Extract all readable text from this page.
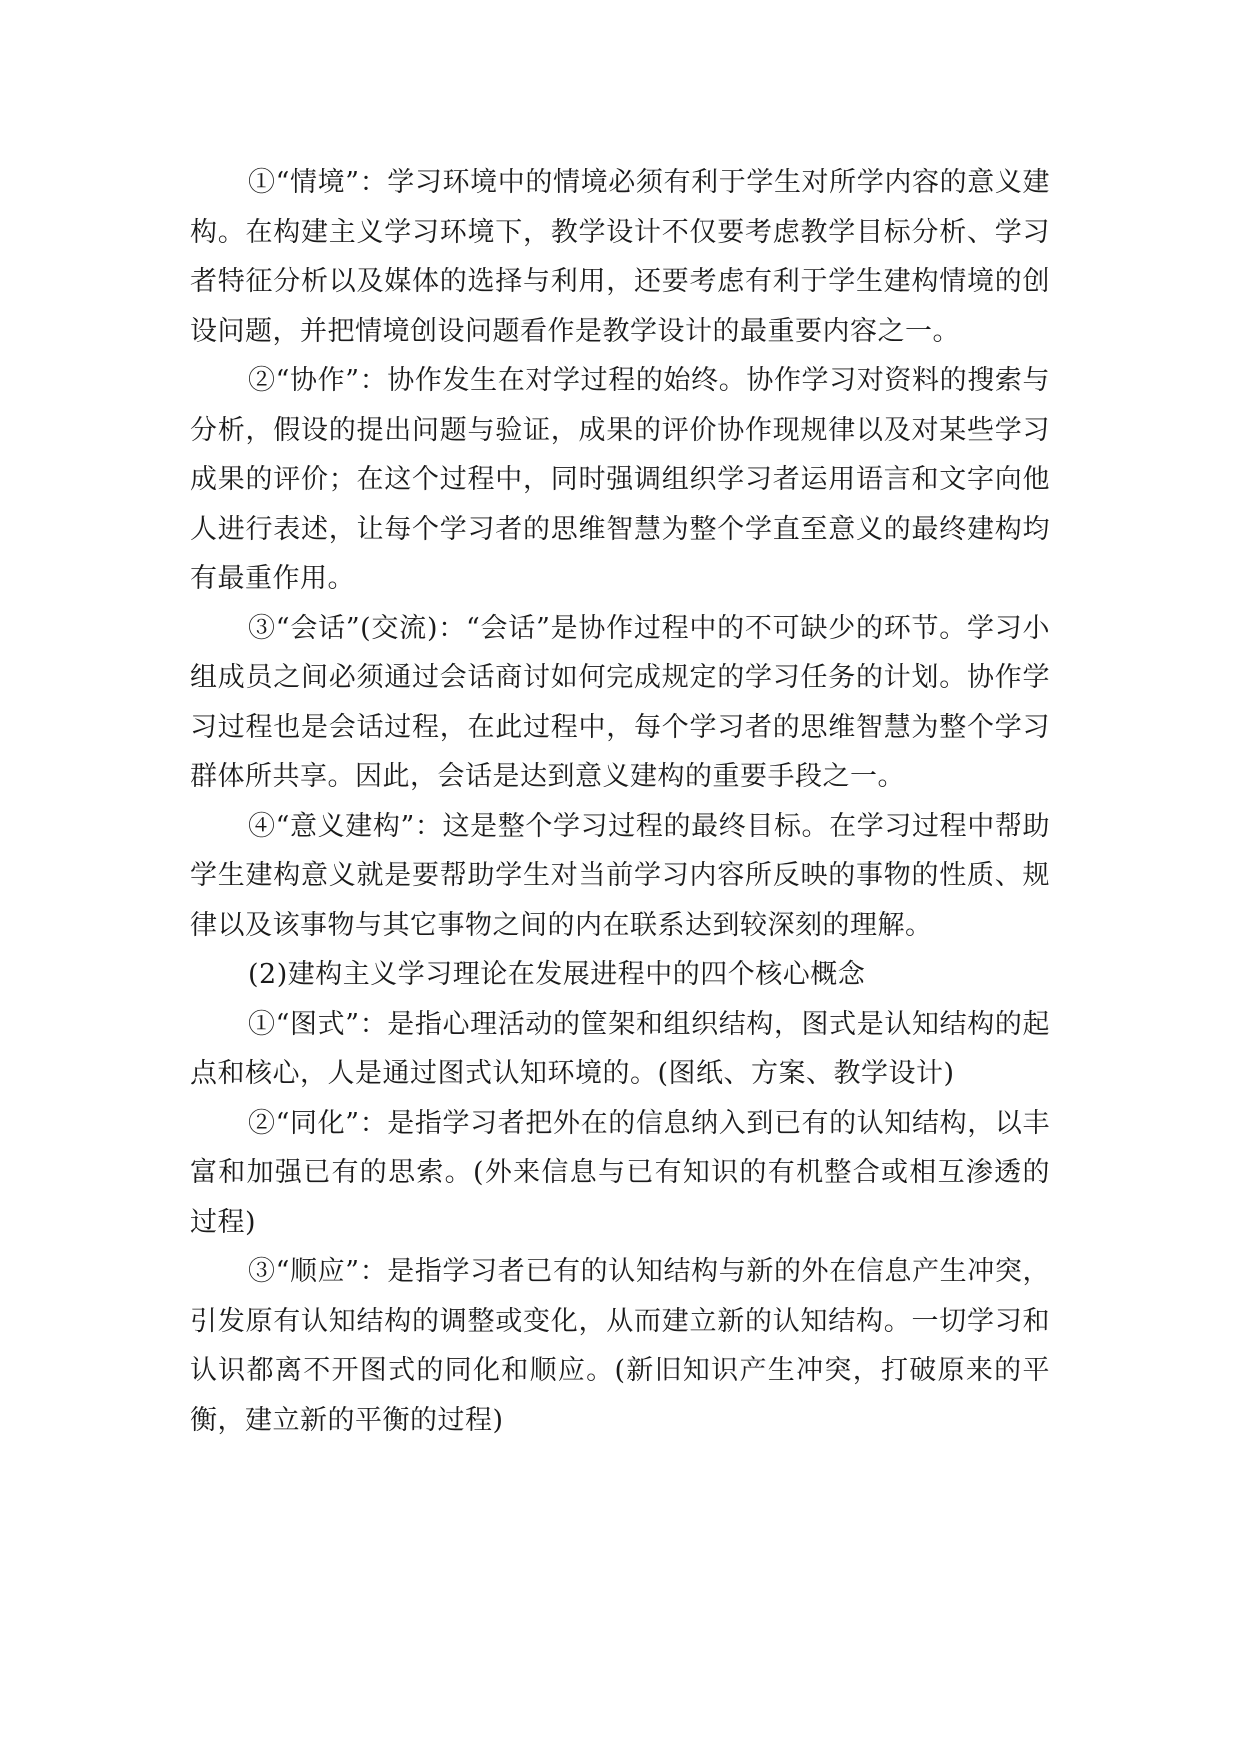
①“情境”：学习环境中的情境必须有利于学生对所学内容的意义建构。在构建主义学习环境下，教学设计不仅要考虑教学目标分析、学习者特征分析以及媒体的选择与利用，还要考虑有利于学生建构情境的创设问题，并把情境创设问题看作是教学设计的最重要内容之一。

②“协作”：协作发生在对学过程的始终。协作学习对资料的搜索与分析，假设的提出问题与验证，成果的评价协作现规律以及对某些学习成果的评价；在这个过程中，同时强调组织学习者运用语言和文字向他人进行表述，让每个学习者的思维智慧为整个学直至意义的最终建构均有最重作用。

③“会话”(交流)：“会话”是协作过程中的不可缺少的环节。学习小组成员之间必须通过会话商讨如何完成规定的学习任务的计划。协作学习过程也是会话过程，在此过程中，每个学习者的思维智慧为整个学习群体所共享。因此，会话是达到意义建构的重要手段之一。

④“意义建构”：这是整个学习过程的最终目标。在学习过程中帮助学生建构意义就是要帮助学生对当前学习内容所反映的事物的性质、规律以及该事物与其它事物之间的内在联系达到较深刻的理解。

(2)建构主义学习理论在发展进程中的四个核心概念

①“图式”：是指心理活动的筐架和组织结构，图式是认知结构的起点和核心，人是通过图式认知环境的。(图纸、方案、教学设计)

②“同化”：是指学习者把外在的信息纳入到已有的认知结构，以丰富和加强已有的思索。(外来信息与已有知识的有机整合或相互渗透的过程)

③“顺应”：是指学习者已有的认知结构与新的外在信息产生冲突，引发原有认知结构的调整或变化，从而建立新的认知结构。一切学习和认识都离不开图式的同化和顺应。(新旧知识产生冲突，打破原来的平衡，建立新的平衡的过程)
